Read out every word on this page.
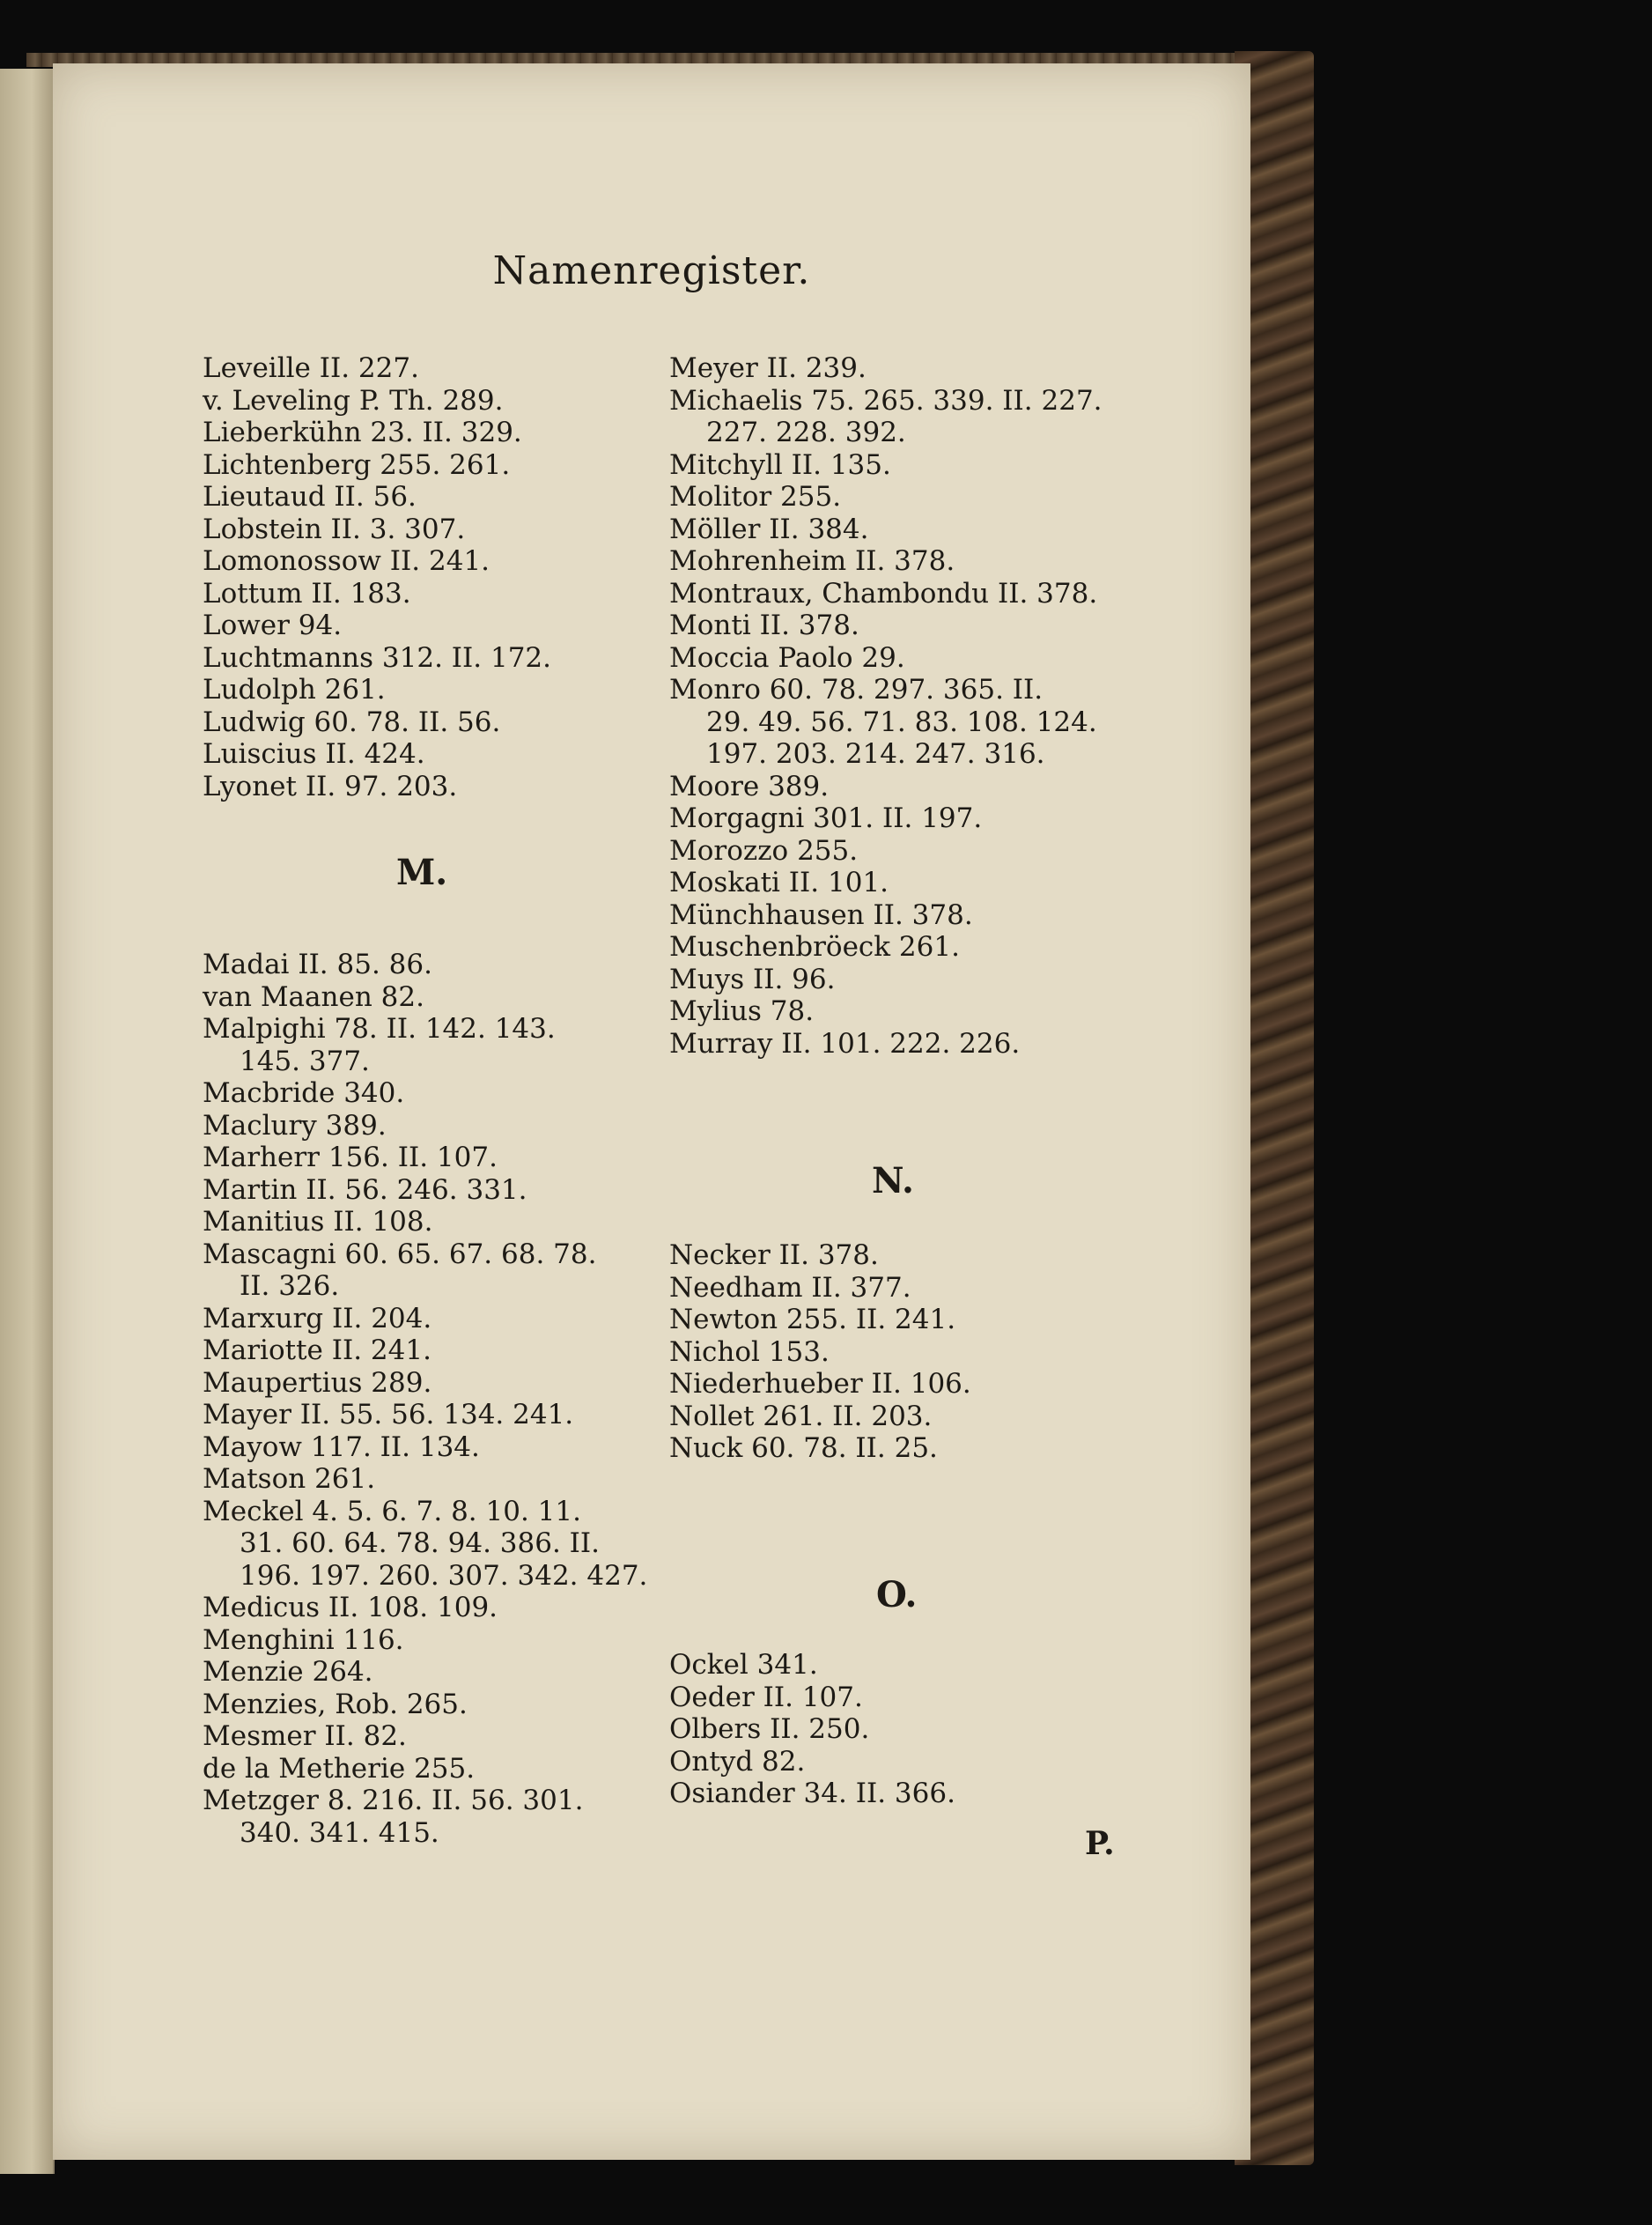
Namenregister.
Leveille II. 227.
v. Leveling P. Th. 289.
Lieberkühn 23. II. 329.
Lichtenberg 255. 261.
Lieutaud II. 56.
Lobstein II. 3. 307.
Lomonossow II. 241.
Lottum II. 183.
Lower 94.
Luchtmanns 312. II. 172.
Ludolph 261.
Ludwig 60. 78. II. 56.
Luiscius II. 424.
Lyonet II. 97. 203.
M.
Madai II. 85. 86.
van Maanen 82.
Malpighi 78. II. 142. 143.
145. 377.
Macbride 340.
Maclury 389.
Marherr 156. II. 107.
Martin II. 56. 246. 331.
Manitius II. 108.
Mascagni 60. 65. 67. 68. 78.
II. 326.
Marxurg II. 204.
Mariotte II. 241.
Maupertius 289.
Mayer II. 55. 56. 134. 241.
Mayow 117. II. 134.
Matson 261.
Meckel 4. 5. 6. 7. 8. 10. 11.
31. 60. 64. 78. 94. 386. II.
196. 197. 260. 307. 342. 427.
Medicus II. 108. 109.
Menghini 116.
Menzie 264.
Menzies, Rob. 265.
Mesmer II. 82.
de la Metherie 255.
Metzger 8. 216. II. 56. 301.
340. 341. 415.
Meyer II. 239.
Michaelis 75. 265. 339. II. 227.
227. 228. 392.
Mitchyll II. 135.
Molitor 255.
Möller II. 384.
Mohrenheim II. 378.
Montraux, Chambondu II. 378.
Monti II. 378.
Moccia Paolo 29.
Monro 60. 78. 297. 365. II.
29. 49. 56. 71. 83. 108. 124.
197. 203. 214. 247. 316.
Moore 389.
Morgagni 301. II. 197.
Morozzo 255.
Moskati II. 101.
Münchhausen II. 378.
Muschenbröeck 261.
Muys II. 96.
Mylius 78.
Murray II. 101. 222. 226.
N.
Necker II. 378.
Needham II. 377.
Newton 255. II. 241.
Nichol 153.
Niederhueber II. 106.
Nollet 261. II. 203.
Nuck 60. 78. II. 25.
O.
Ockel 341.
Oeder II. 107.
Olbers II. 250.
Ontyd 82.
Osiander 34. II. 366.
P.
